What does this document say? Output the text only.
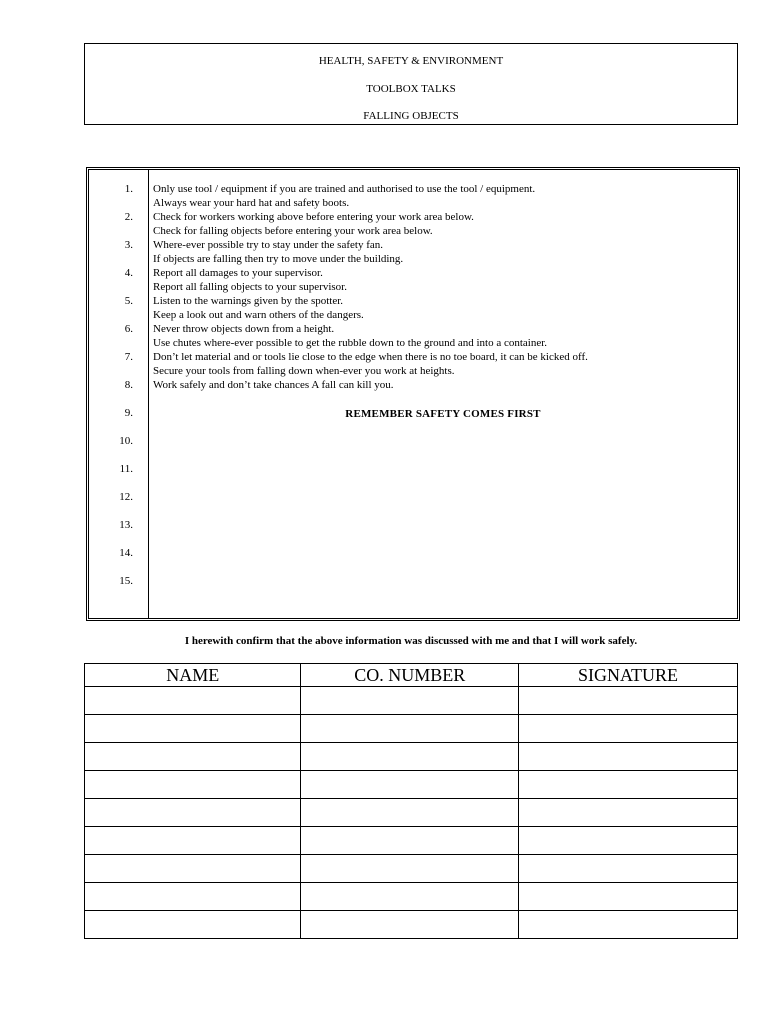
HEALTH, SAFETY & ENVIRONMENT
TOOLBOX TALKS
FALLING OBJECTS
1.
2.
3.
4.
5.
6.
7.
8.
9.
10.
11.
12.
13.
14.
15.
Only use tool / equipment if you are trained and authorised to use the tool / equipment.
Always wear your hard hat and safety boots.
Check for workers working above before entering your work area below.
Check for falling objects before entering your work area below.
Where-ever possible try to stay under the safety fan.
If objects are falling then try to move under the building.
Report all damages to your supervisor.
Report all falling objects to your supervisor.
Listen to the warnings given by the spotter.
Keep a look out and warn others of the dangers.
Never throw objects down from a height.
Use chutes where-ever possible to get the rubble down to the ground and into a container.
Don’t let material and or tools lie close to the edge when there is no toe board, it can be kicked off.
Secure your tools from falling down when-ever you work at heights.
Work safely and don’t take chances A fall can kill you.
REMEMBER SAFETY COMES FIRST
I herewith confirm that the above information was discussed with me and that I will work safely.
NAME	CO. NUMBER	SIGNATURE
